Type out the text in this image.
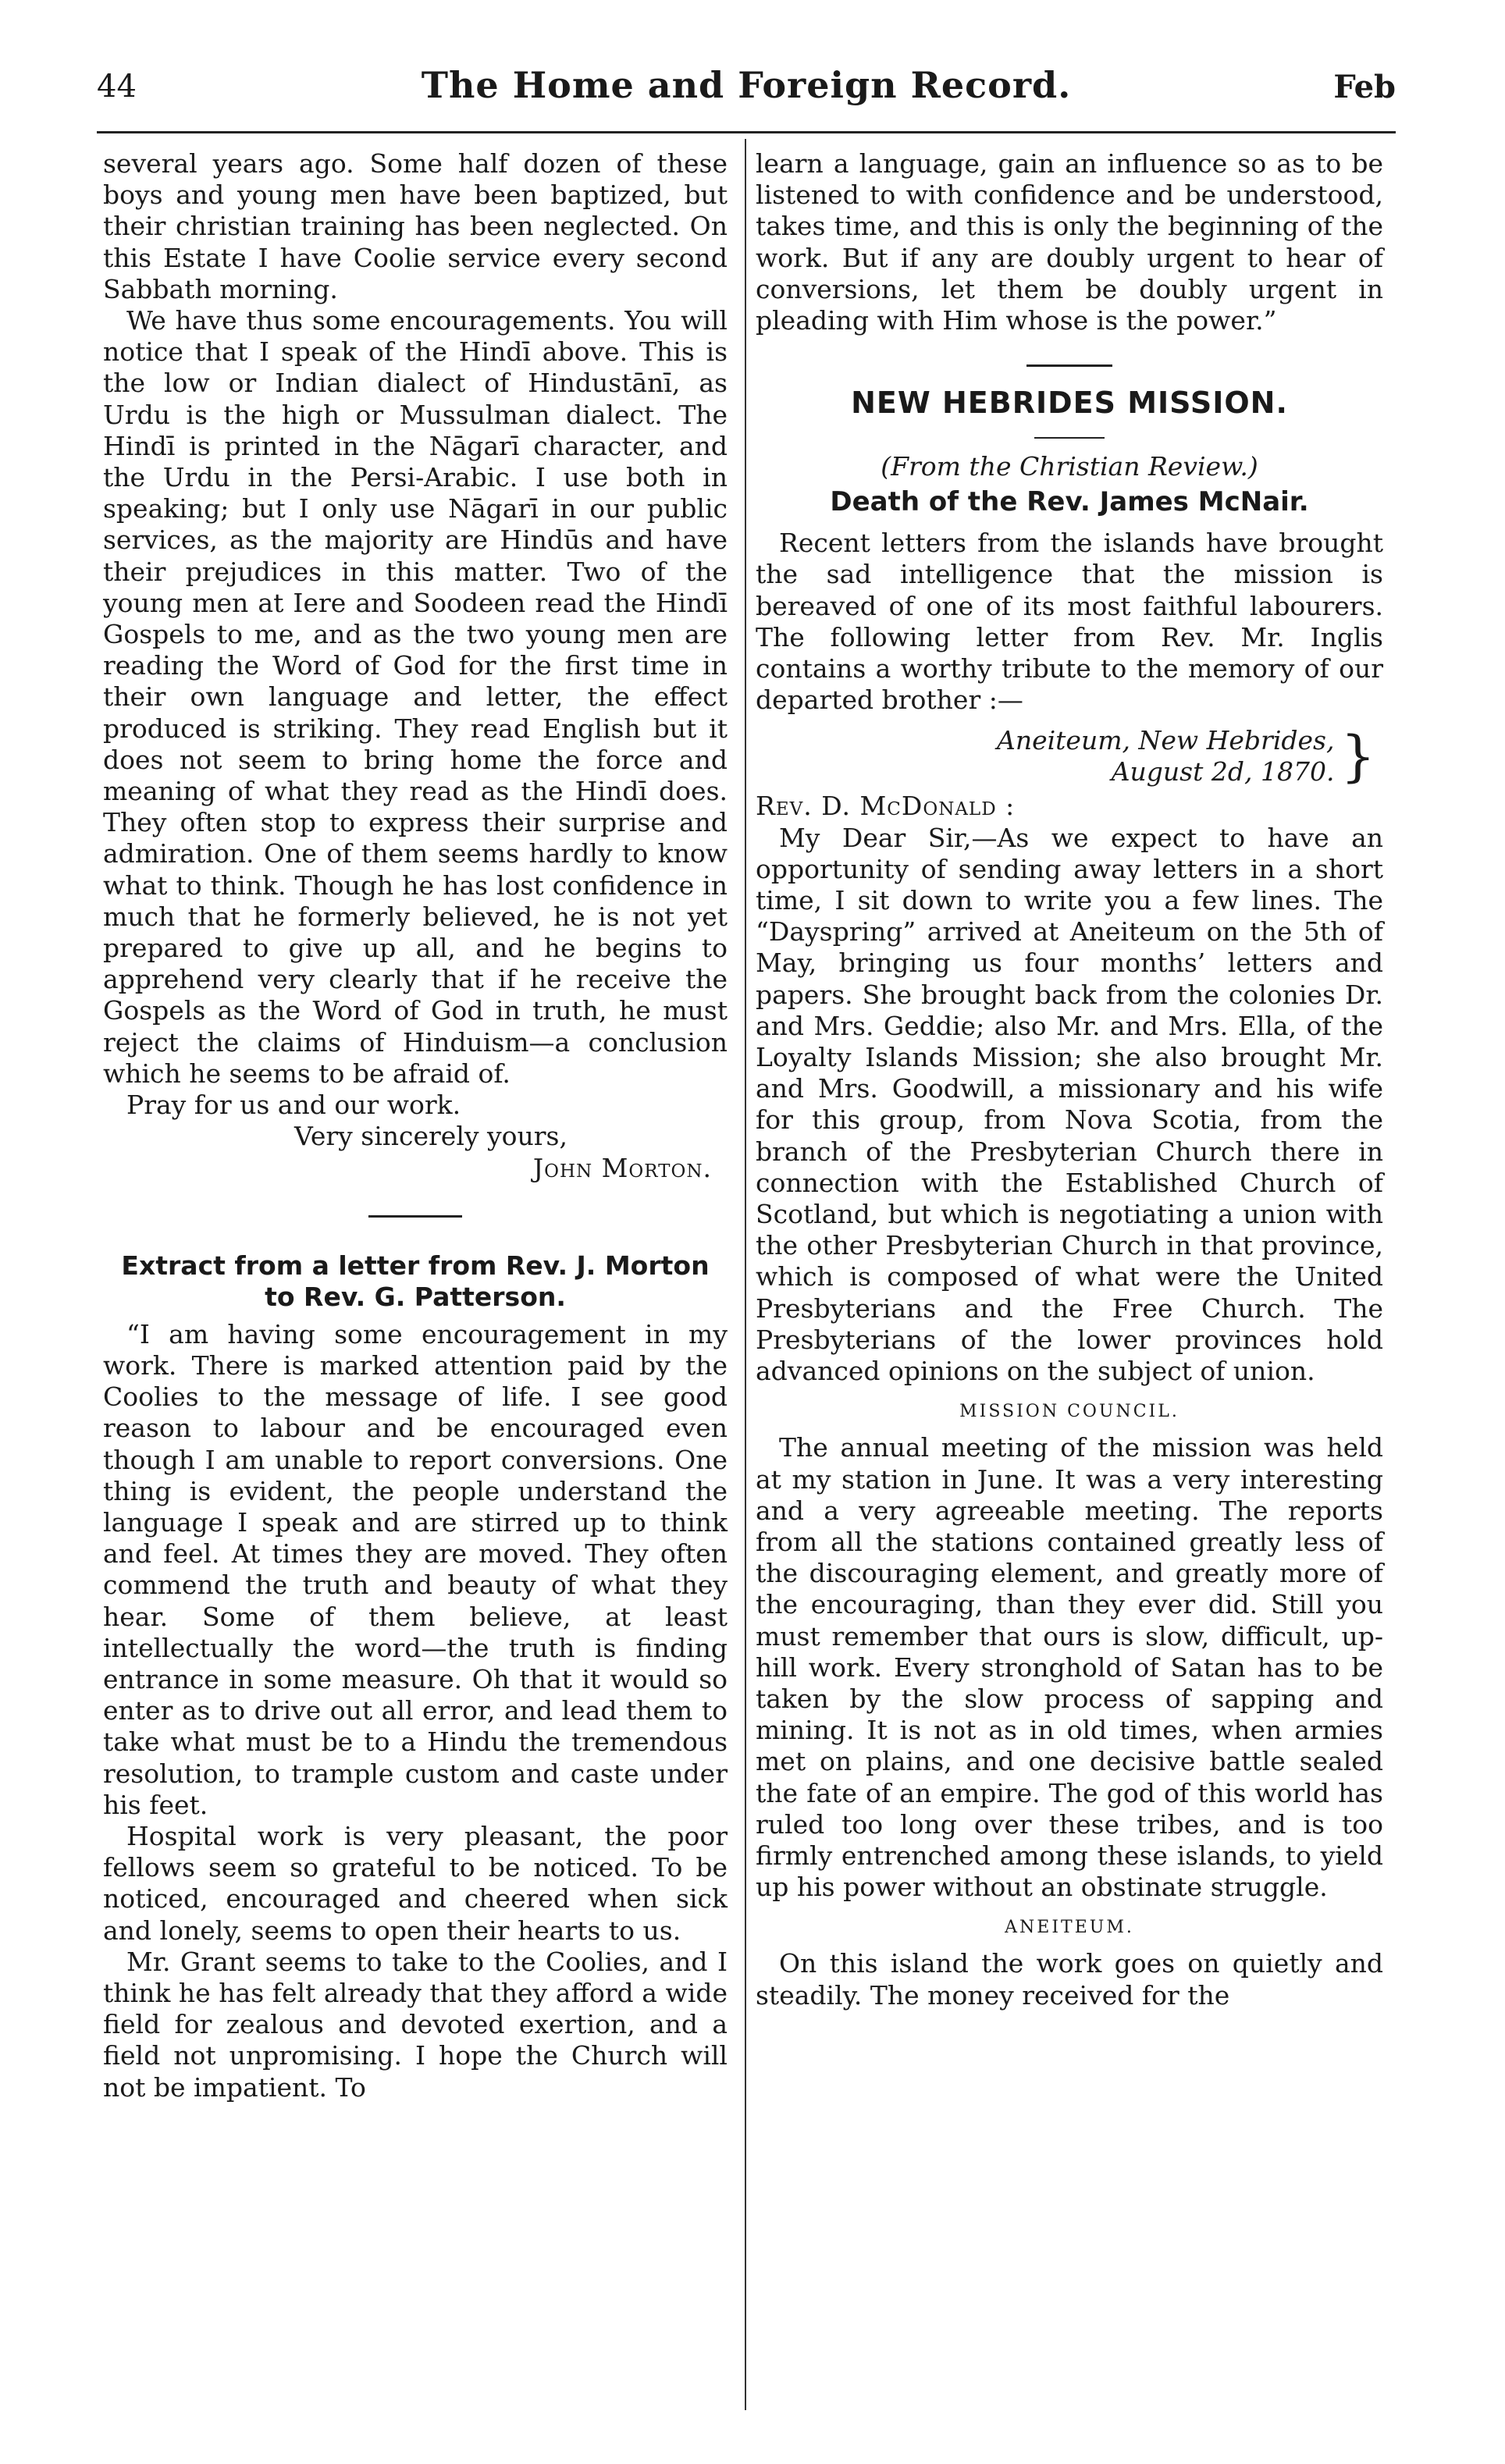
44	The Home and Foreign Record.	Feb

several years ago. Some half dozen of these boys and young men have been baptized, but their christian training has been neglected. On this Estate I have Coolie service every second Sabbath morning.

We have thus some encouragements. You will notice that I speak of the Hindī above. This is the low or Indian dialect of Hindustānī, as Urdu is the high or Mussulman dialect. The Hindī is printed in the Nāgarī character, and the Urdu in the Persi-Arabic. I use both in speaking; but I only use Nāgarī in our public services, as the majority are Hindūs and have their prejudices in this matter. Two of the young men at Iere and Soodeen read the Hindī Gospels to me, and as the two young men are reading the Word of God for the first time in their own language and letter, the effect produced is striking. They read English but it does not seem to bring home the force and meaning of what they read as the Hindī does. They often stop to express their surprise and admiration. One of them seems hardly to know what to think. Though he has lost confidence in much that he formerly believed, he is not yet prepared to give up all, and he begins to apprehend very clearly that if he receive the Gospels as the Word of God in truth, he must reject the claims of Hinduism—a conclusion which he seems to be afraid of.

Pray for us and our work.

Very sincerely yours,

John Morton.

Extract from a letter from Rev. J. Morton to Rev. G. Patterson.

“I am having some encouragement in my work. There is marked attention paid by the Coolies to the message of life. I see good reason to labour and be encouraged even though I am unable to report conversions. One thing is evident, the people understand the language I speak and are stirred up to think and feel. At times they are moved. They often commend the truth and beauty of what they hear. Some of them believe, at least intellectually the word—the truth is finding entrance in some measure. Oh that it would so enter as to drive out all error, and lead them to take what must be to a Hindu the tremendous resolution, to trample custom and caste under his feet.

Hospital work is very pleasant, the poor fellows seem so grateful to be noticed. To be noticed, encouraged and cheered when sick and lonely, seems to open their hearts to us.

Mr. Grant seems to take to the Coolies, and I think he has felt already that they afford a wide field for zealous and devoted exertion, and a field not unpromising. I hope the Church will not be impatient. To

learn a language, gain an influence so as to be listened to with confidence and be understood, takes time, and this is only the beginning of the work. But if any are doubly urgent to hear of conversions, let them be doubly urgent in pleading with Him whose is the power.”

NEW HEBRIDES MISSION.

(From the Christian Review.)

Death of the Rev. James McNair.

Recent letters from the islands have brought the sad intelligence that the mission is bereaved of one of its most faithful labourers. The following letter from Rev. Mr. Inglis contains a worthy tribute to the memory of our departed brother :—

Aneiteum, New Hebrides,
August 2d, 1870. }

Rev. D. McDonald :

My Dear Sir,—As we expect to have an opportunity of sending away letters in a short time, I sit down to write you a few lines. The “Dayspring” arrived at Aneiteum on the 5th of May, bringing us four months’ letters and papers. She brought back from the colonies Dr. and Mrs. Geddie; also Mr. and Mrs. Ella, of the Loyalty Islands Mission; she also brought Mr. and Mrs. Goodwill, a missionary and his wife for this group, from Nova Scotia, from the branch of the Presbyterian Church there in connection with the Established Church of Scotland, but which is negotiating a union with the other Presbyterian Church in that province, which is composed of what were the United Presbyterians and the Free Church. The Presbyterians of the lower provinces hold advanced opinions on the subject of union.

MISSION COUNCIL.

The annual meeting of the mission was held at my station in June. It was a very interesting and a very agreeable meeting. The reports from all the stations contained greatly less of the discouraging element, and greatly more of the encouraging, than they ever did. Still you must remember that ours is slow, difficult, up-hill work. Every stronghold of Satan has to be taken by the slow process of sapping and mining. It is not as in old times, when armies met on plains, and one decisive battle sealed the fate of an empire. The god of this world has ruled too long over these tribes, and is too firmly entrenched among these islands, to yield up his power without an obstinate struggle.

ANEITEUM.

On this island the work goes on quietly and steadily. The money received for the
